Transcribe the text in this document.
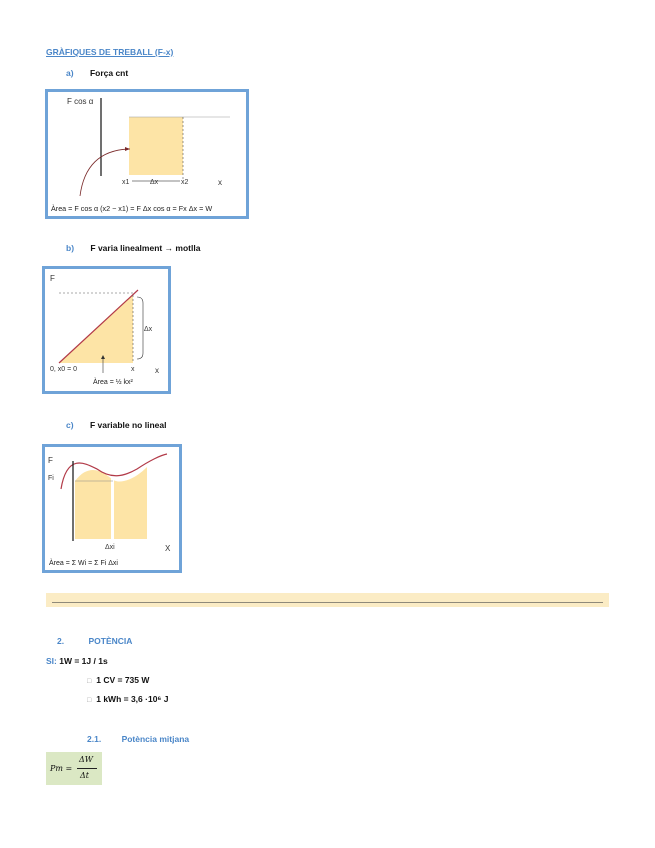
GRÀFIQUES DE TREBALL (F-x)
a) Força cnt
F cos α
x1	Δx	x2	x
Àrea = F cos α (x2 − x1) = F Δx cos α = Fx Δx = W
b) F varia linealment → motlla
F
Δx
0, x0 = 0	x	x
Àrea = ½ kx²
c) F variable no lineal
F
Fi
Δxi	X
Àrea = Σ Wi = Σ Fi Δxi
2.	POTÈNCIA
SI: 1W = 1J / 1s
□ 1 CV = 735 W
□ 1 kWh = 3,6 ·10⁶ J
2.1. Potència mitjana
Pm =
ΔW
Δt
